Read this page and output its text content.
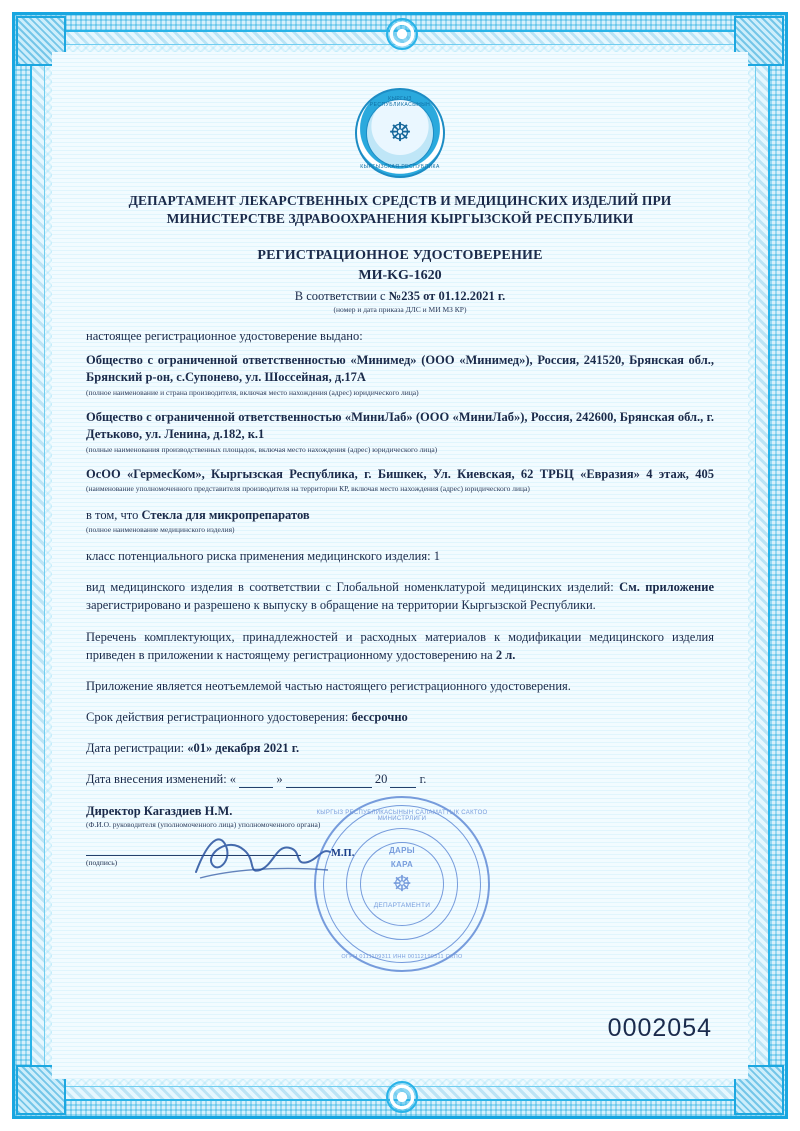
КЫРГЫЗ РЕСПУБЛИКАСЫНЫН
☸
КЫРГЫЗСКАЯ РЕСПУБЛИКА
ДЕПАРТАМЕНТ ЛЕКАРСТВЕННЫХ СРЕДСТВ И МЕДИЦИНСКИХ ИЗДЕЛИЙ ПРИ МИНИСТЕРСТВЕ ЗДРАВООХРАНЕНИЯ КЫРГЫЗСКОЙ РЕСПУБЛИКИ
РЕГИСТРАЦИОННОЕ УДОСТОВЕРЕНИЕ
МИ-KG-1620
В соответствии с №235 от 01.12.2021 г.
(номер и дата приказа ДЛС и МИ МЗ КР)
настоящее регистрационное удостоверение выдано:
Общество с ограниченной ответственностью «Минимед» (ООО «Минимед»), Россия, 241520, Брянская обл., Брянский р-он, с.Супонево, ул. Шоссейная, д.17А
(полное наименование и страна производителя, включая место нахождения (адрес) юридического лица)
Общество с ограниченной ответственностью «МиниЛаб» (ООО «МиниЛаб»), Россия, 242600, Брянская обл., г. Детьково, ул. Ленина, д.182, к.1
(полные наименования производственных площадок, включая место нахождения (адрес) юридического лица)
ОсОО «ГермесКом», Кыргызская Республика, г. Бишкек, Ул. Киевская, 62 ТРБЦ «Евразия» 4 этаж, 405
(наименование уполномоченного представителя производителя на территории КР, включая место нахождения (адрес) юридического лица)
в том, что Стекла для микропрепаратов
(полное наименование медицинского изделия)
класс потенциального риска применения медицинского изделия: 1
вид медицинского изделия в соответствии с Глобальной номенклатурой медицинских изделий: См. приложение зарегистрировано и разрешено к выпуску в обращение на территории Кыргызской Республики.
Перечень комплектующих, принадлежностей и расходных материалов к модификации медицинского изделия приведен в приложении к настоящему регистрационному удостоверению на 2 л.
Приложение является неотъемлемой частью настоящего регистрационного удостоверения.
Срок действия регистрационного удостоверения: бессрочно
Дата регистрации: «01» декабря 2021 г.
Дата внесения изменений: «	»	20	г.
Директор Кагаздиев Н.М.
(Ф.И.О. руководителя (уполномоченного лица) уполномоченного органа)
М.П.
КЫРГЫЗ РЕСПУБЛИКАСЫНЫН САЛАМАТТЫК САКТОО МИНИСТРЛИГИ
ДАРЫ
КАРА
☸
ДЕПАРТАМЕНТИ
ОГРН 0111109311 ИНН 00112199311 ОКПО
(подпись)
0002054
